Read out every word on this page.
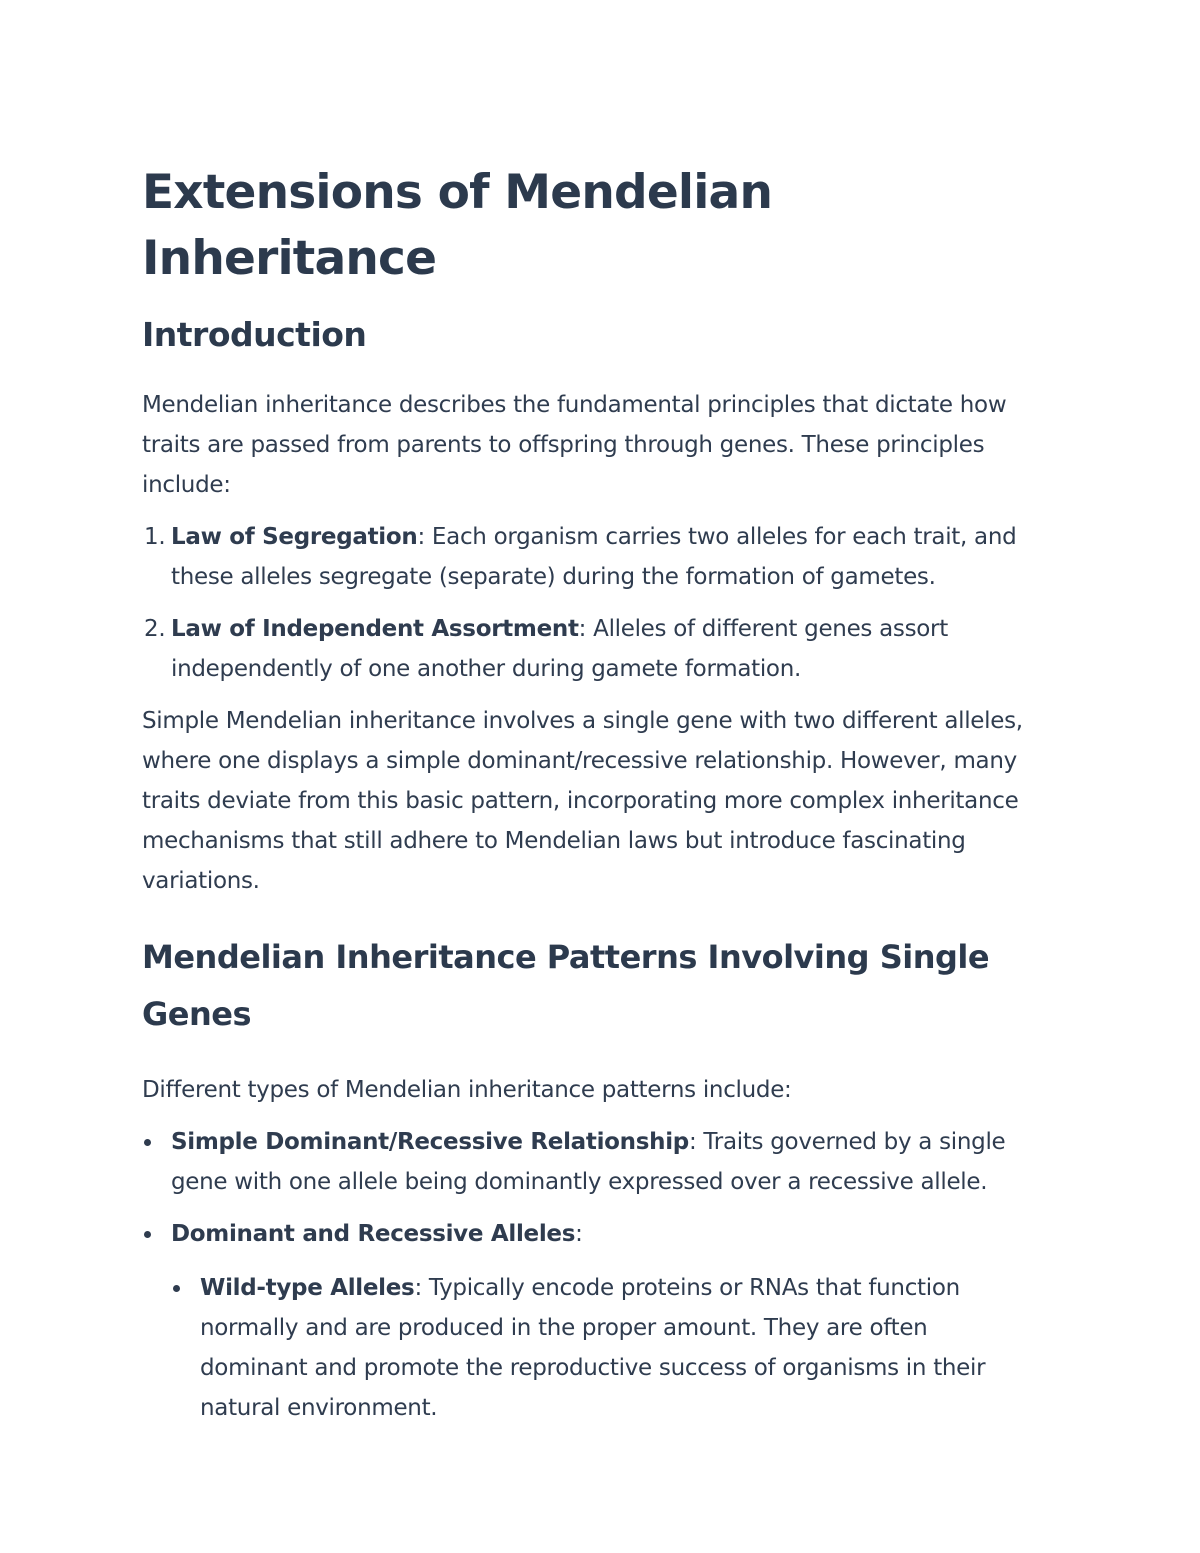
Extensions of Mendelian Inheritance
Introduction

Mendelian inheritance describes the fundamental principles that dictate how traits are passed from parents to offspring through genes. These principles include:

1. Law of Segregation: Each organism carries two alleles for each trait, and these alleles segregate (separate) during the formation of gametes.
2. Law of Independent Assortment: Alleles of different genes assort independently of one another during gamete formation.

Simple Mendelian inheritance involves a single gene with two different alleles, where one displays a simple dominant/recessive relationship. However, many traits deviate from this basic pattern, incorporating more complex inheritance mechanisms that still adhere to Mendelian laws but introduce fascinating variations.

Mendelian Inheritance Patterns Involving Single Genes

Different types of Mendelian inheritance patterns include:

Simple Dominant/Recessive Relationship: Traits governed by a single gene with one allele being dominantly expressed over a recessive allele.
Dominant and Recessive Alleles:
Wild-type Alleles: Typically encode proteins or RNAs that function normally and are produced in the proper amount. They are often dominant and promote the reproductive success of organisms in their natural environment.
